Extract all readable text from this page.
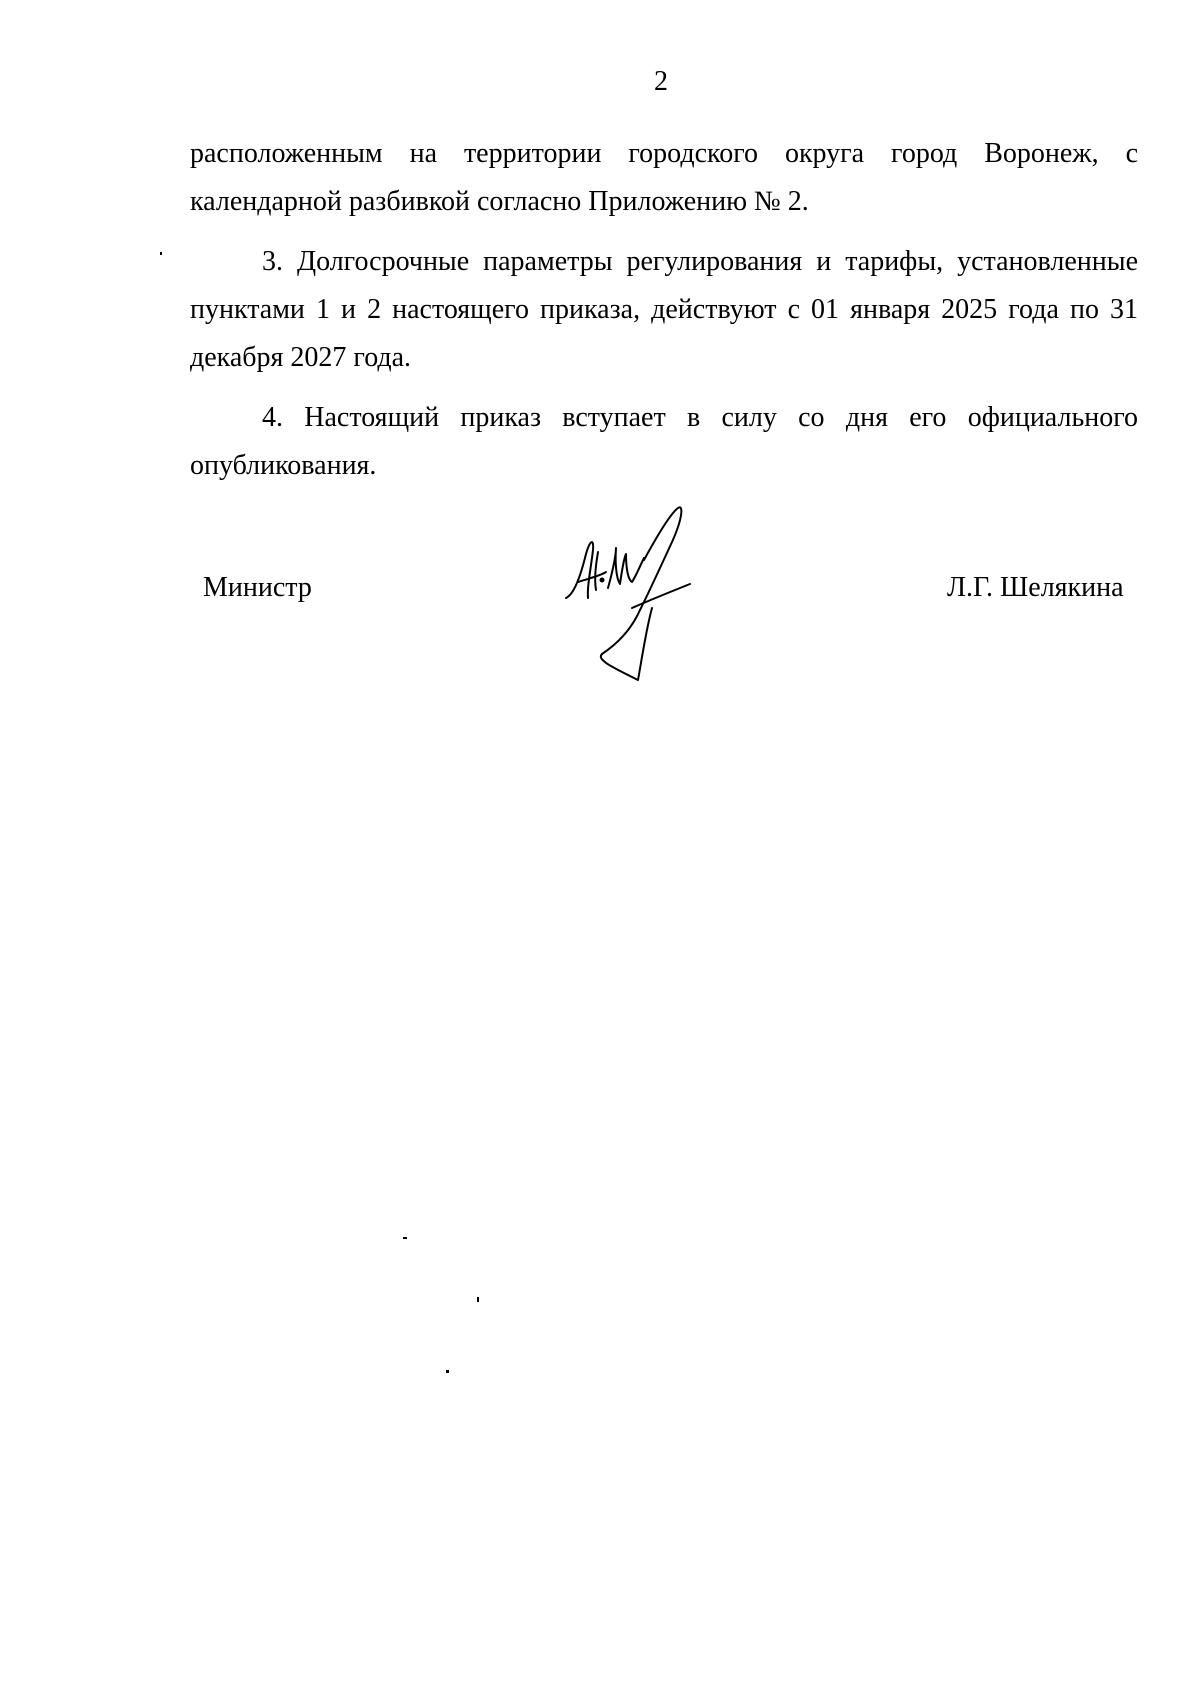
2

расположенным на территории городского округа город Воронеж, с календарной разбивкой согласно Приложению № 2.

3. Долгосрочные параметры регулирования и тарифы, установленные пунктами 1 и 2 настоящего приказа, действуют с 01 января 2025 года по 31 декабря 2027 года.

4. Настоящий приказ вступает в силу со дня его официального опубликования.

Министр	Л.Г. Шелякина
